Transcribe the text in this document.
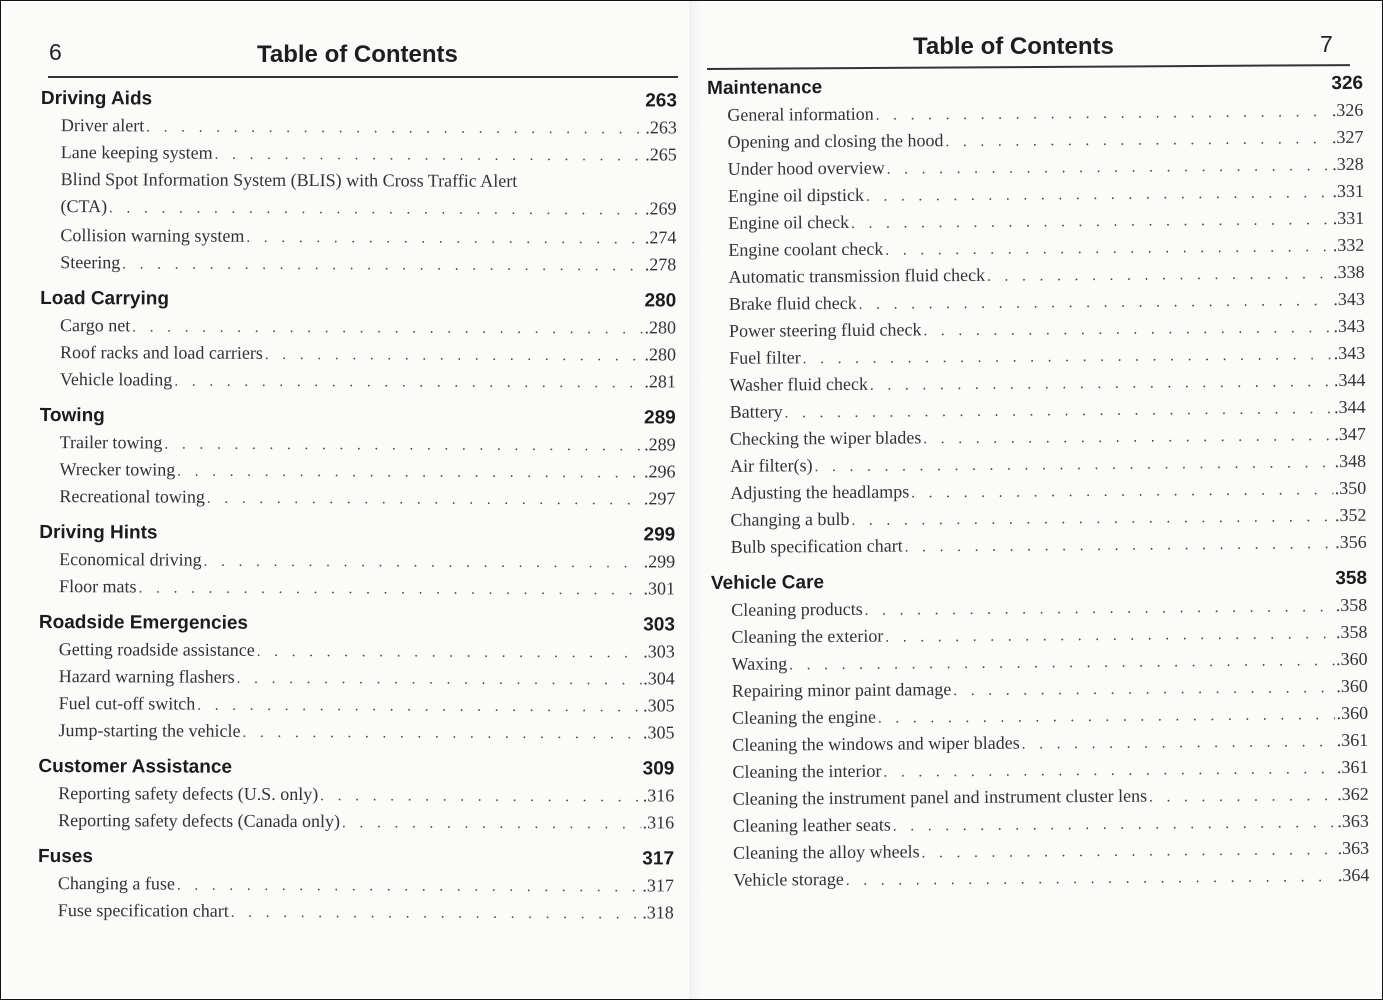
6	Table of Contents
Driving Aids	263
Driver alert . . .	.263
Lane keeping system . . .	.265
Blind Spot Information System (BLIS) with Cross Traffic Alert
(CTA) . . .	.269
Collision warning system . . .	.274
Steering . . .	.278
Load Carrying	280
Cargo net . . .	.280
Roof racks and load carriers . . .	.280
Vehicle loading . . .	.281
Towing	289
Trailer towing . . .	.289
Wrecker towing . . .	.296
Recreational towing . . .	.297
Driving Hints	299
Economical driving . . .	.299
Floor mats . . .	.301
Roadside Emergencies	303
Getting roadside assistance . . .	.303
Hazard warning flashers . . .	.304
Fuel cut-off switch . . .	.305
Jump-starting the vehicle . . .	.305
Customer Assistance	309
Reporting safety defects (U.S. only) . . .	.316
Reporting safety defects (Canada only) . . .	.316
Fuses	317
Changing a fuse . . .	.317
Fuse specification chart . . .	.318
Table of Contents	7
Maintenance	326
General information . . .	.326
Opening and closing the hood . . .	.327
Under hood overview . . .	.328
Engine oil dipstick . . .	.331
Engine oil check . . .	.331
Engine coolant check . . .	.332
Automatic transmission fluid check . . .	.338
Brake fluid check . . .	.343
Power steering fluid check . . .	.343
Fuel filter . . .	.343
Washer fluid check . . .	.344
Battery . . .	.344
Checking the wiper blades . . .	.347
Air filter(s) . . .	.348
Adjusting the headlamps . . .	.350
Changing a bulb . . .	.352
Bulb specification chart . . .	.356
Vehicle Care	358
Cleaning products . . .	.358
Cleaning the exterior . . .	.358
Waxing . . .	.360
Repairing minor paint damage . . .	.360
Cleaning the engine . . .	.360
Cleaning the windows and wiper blades . . .	.361
Cleaning the interior . . .	.361
Cleaning the instrument panel and instrument cluster lens . . .	.362
Cleaning leather seats . . .	.363
Cleaning the alloy wheels . . .	.363
Vehicle storage . . .	.364
